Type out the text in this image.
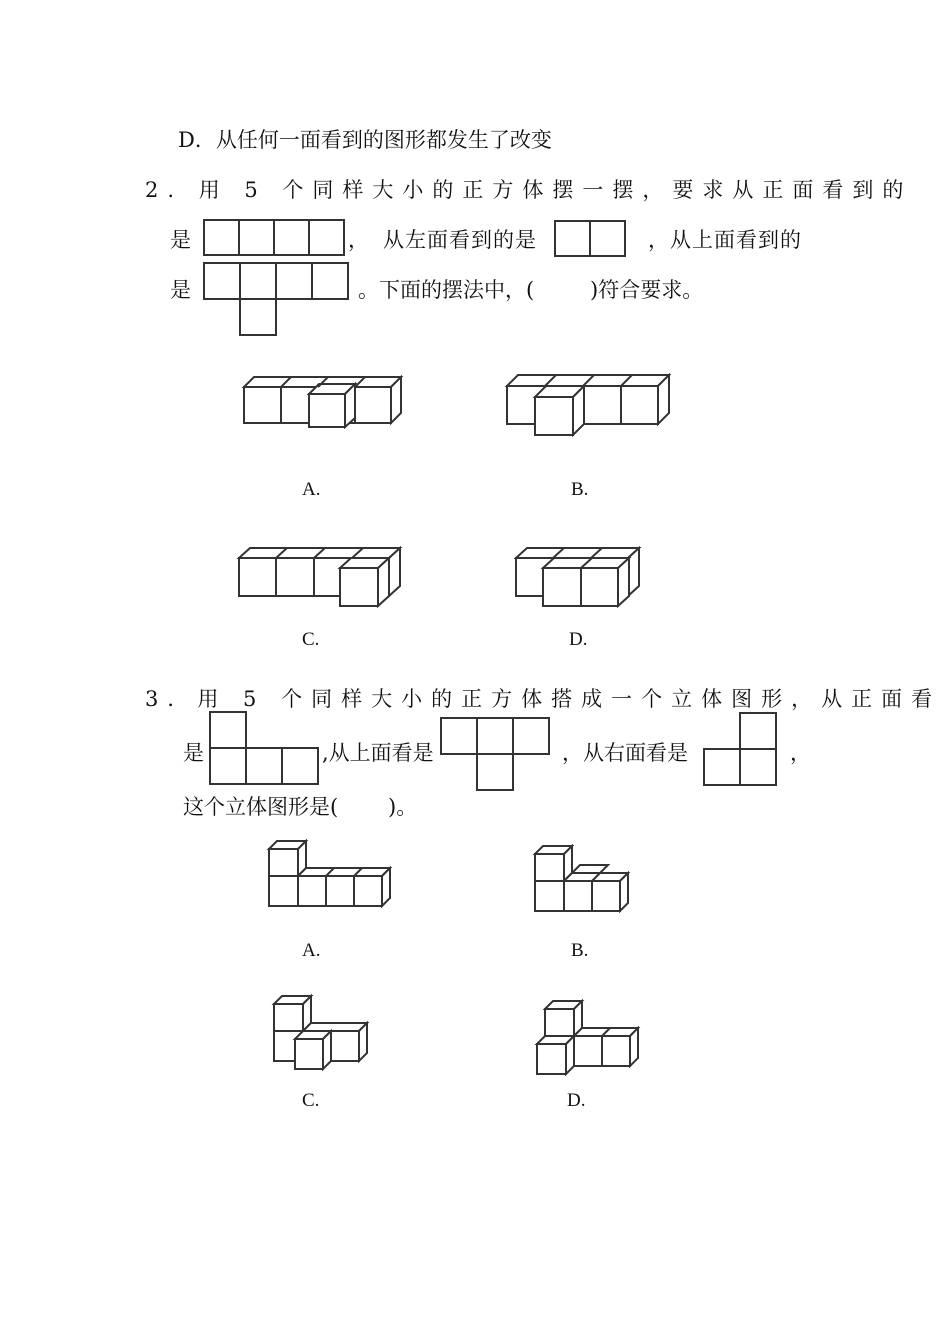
D．从任何一面看到的图形都发生了改变
2. 用 5 个同样大小的正方体摆一摆，要求从正面看到的
是	， 从左面看到的是	，从上面看到的
是	。下面的摆法中，(	)符合要求。
A.	B.
C.	D.
3．用 5 个同样大小的正方体搭成一个立体图形，从正面看
是	,从上面看是	，从右面看是	，
这个立体图形是( )。
A.	B.
C.	D.
